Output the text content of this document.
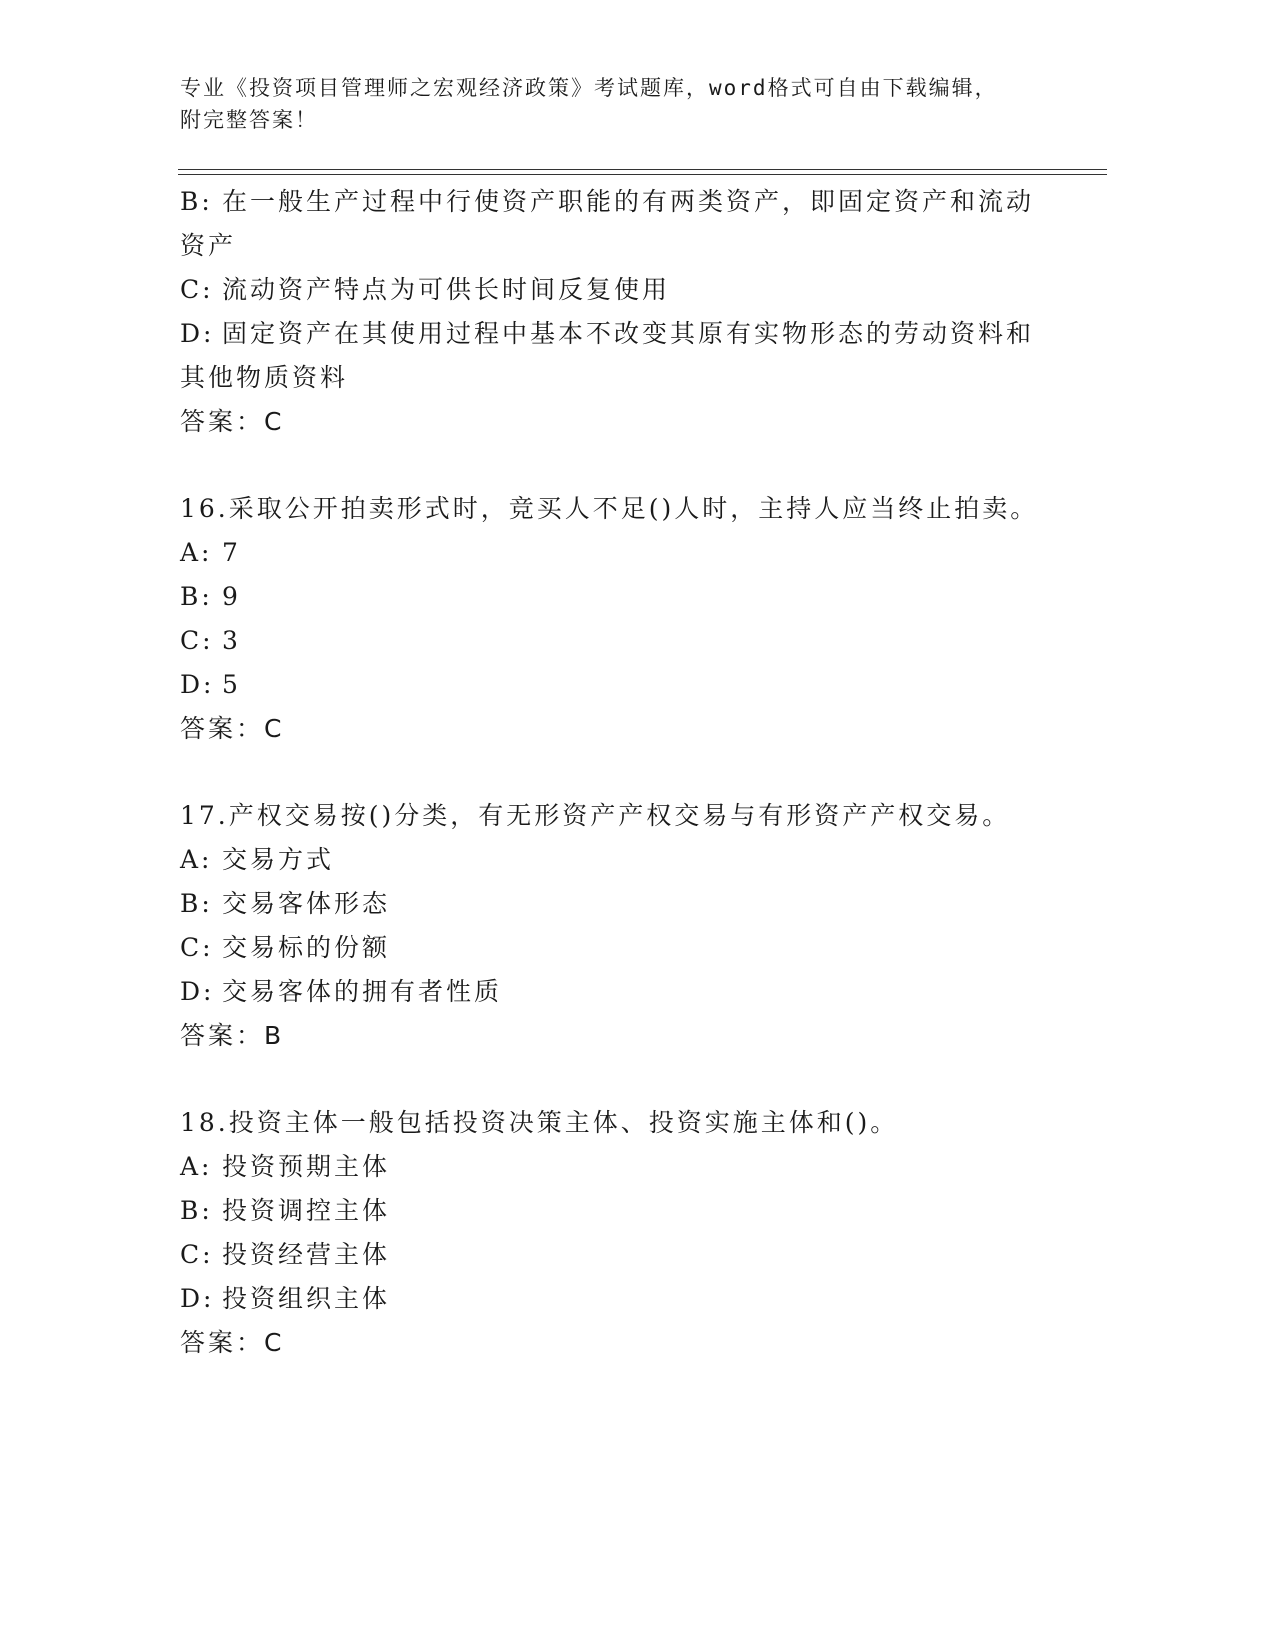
专业《投资项目管理师之宏观经济政策》考试题库，word格式可自由下载编辑，
附完整答案！
B: 在一般生产过程中行使资产职能的有两类资产，即固定资产和流动
资产
C: 流动资产特点为可供长时间反复使用
D: 固定资产在其使用过程中基本不改变其原有实物形态的劳动资料和
其他物质资料
答案：C
16.采取公开拍卖形式时，竞买人不足()人时，主持人应当终止拍卖。
A: 7
B: 9
C: 3
D: 5
答案：C
17.产权交易按()分类，有无形资产产权交易与有形资产产权交易。
A: 交易方式
B: 交易客体形态
C: 交易标的份额
D: 交易客体的拥有者性质
答案：B
18.投资主体一般包括投资决策主体、投资实施主体和()。
A: 投资预期主体
B: 投资调控主体
C: 投资经营主体
D: 投资组织主体
答案：C
